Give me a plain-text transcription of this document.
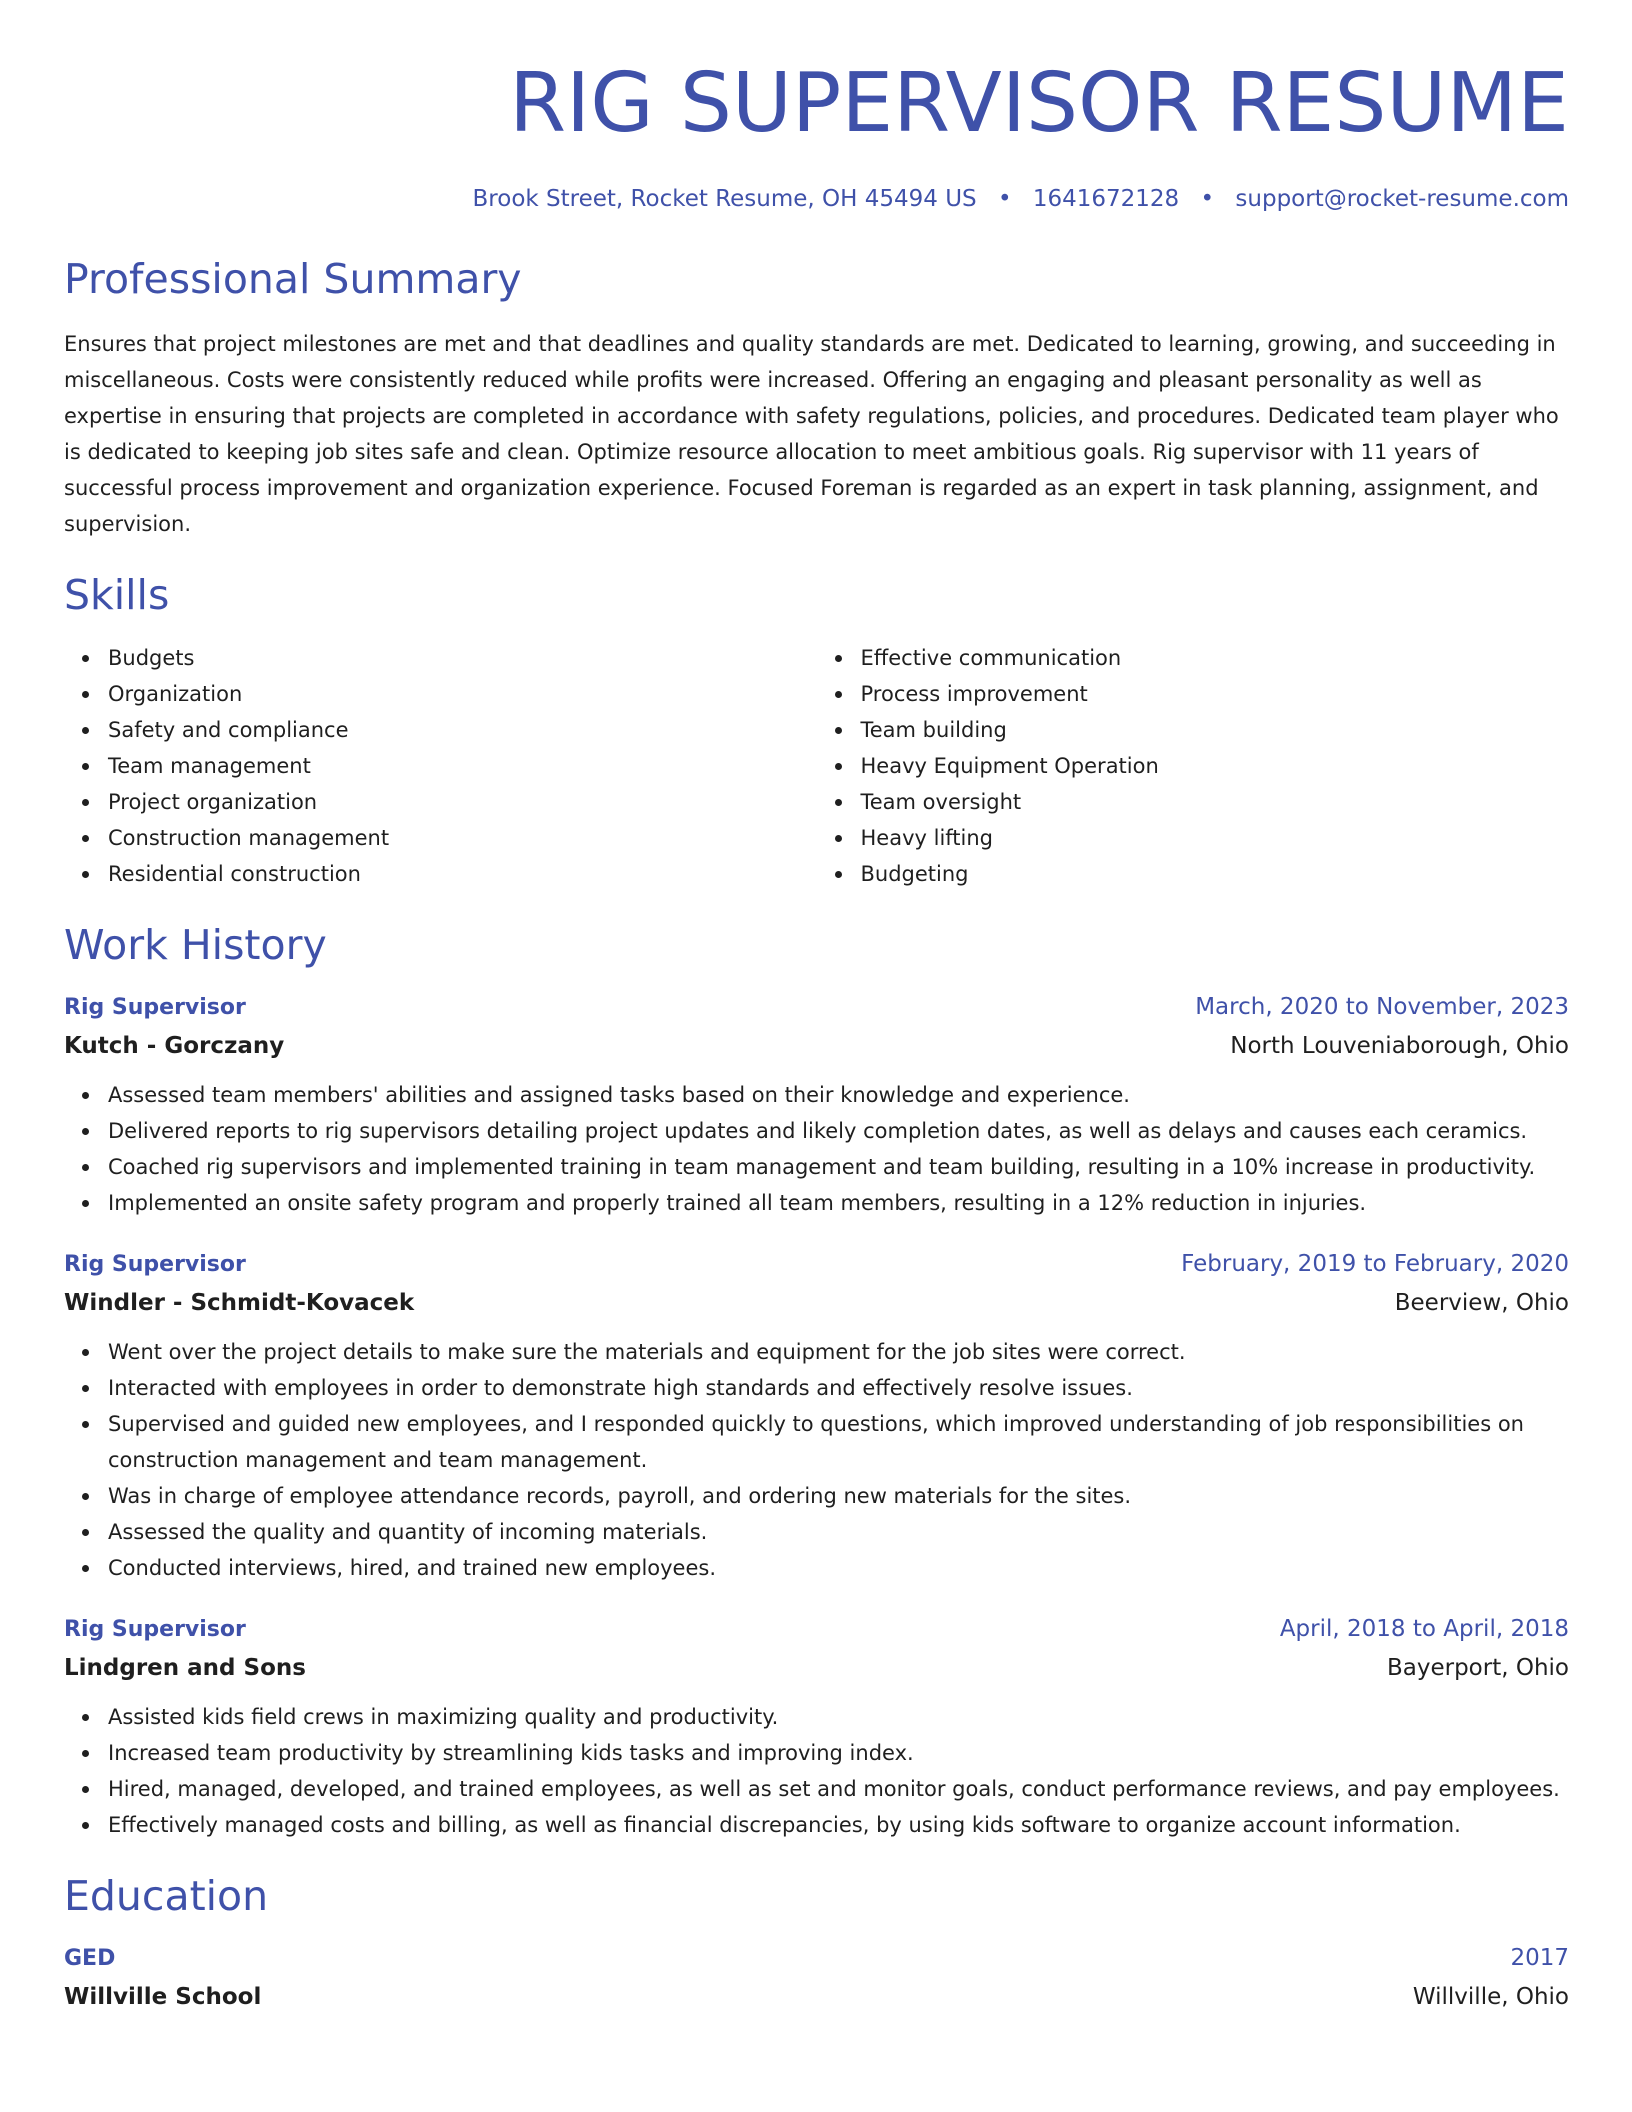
RIG SUPERVISOR RESUME
Brook Street, Rocket Resume, OH 45494 US • 1641672128 • support@rocket-resume.com
Professional Summary
Ensures that project milestones are met and that deadlines and quality standards are met. Dedicated to learning, growing, and succeeding in miscellaneous. Costs were consistently reduced while profits were increased. Offering an engaging and pleasant personality as well as expertise in ensuring that projects are completed in accordance with safety regulations, policies, and procedures. Dedicated team player who is dedicated to keeping job sites safe and clean. Optimize resource allocation to meet ambitious goals. Rig supervisor with 11 years of successful process improvement and organization experience. Focused Foreman is regarded as an expert in task planning, assignment, and supervision.
Skills
Budgets
Organization
Safety and compliance
Team management
Project organization
Construction management
Residential construction
Effective communication
Process improvement
Team building
Heavy Equipment Operation
Team oversight
Heavy lifting
Budgeting
Work History
Rig Supervisor	March, 2020 to November, 2023
Kutch - Gorczany	North Louveniaborough, Ohio
Assessed team members' abilities and assigned tasks based on their knowledge and experience.
Delivered reports to rig supervisors detailing project updates and likely completion dates, as well as delays and causes each ceramics.
Coached rig supervisors and implemented training in team management and team building, resulting in a 10% increase in productivity.
Implemented an onsite safety program and properly trained all team members, resulting in a 12% reduction in injuries.
Rig Supervisor	February, 2019 to February, 2020
Windler - Schmidt-Kovacek	Beerview, Ohio
Went over the project details to make sure the materials and equipment for the job sites were correct.
Interacted with employees in order to demonstrate high standards and effectively resolve issues.
Supervised and guided new employees, and I responded quickly to questions, which improved understanding of job responsibilities on construction management and team management.
Was in charge of employee attendance records, payroll, and ordering new materials for the sites.
Assessed the quality and quantity of incoming materials.
Conducted interviews, hired, and trained new employees.
Rig Supervisor	April, 2018 to April, 2018
Lindgren and Sons	Bayerport, Ohio
Assisted kids field crews in maximizing quality and productivity.
Increased team productivity by streamlining kids tasks and improving index.
Hired, managed, developed, and trained employees, as well as set and monitor goals, conduct performance reviews, and pay employees.
Effectively managed costs and billing, as well as financial discrepancies, by using kids software to organize account information.
Education
GED	2017
Willville School	Willville, Ohio
